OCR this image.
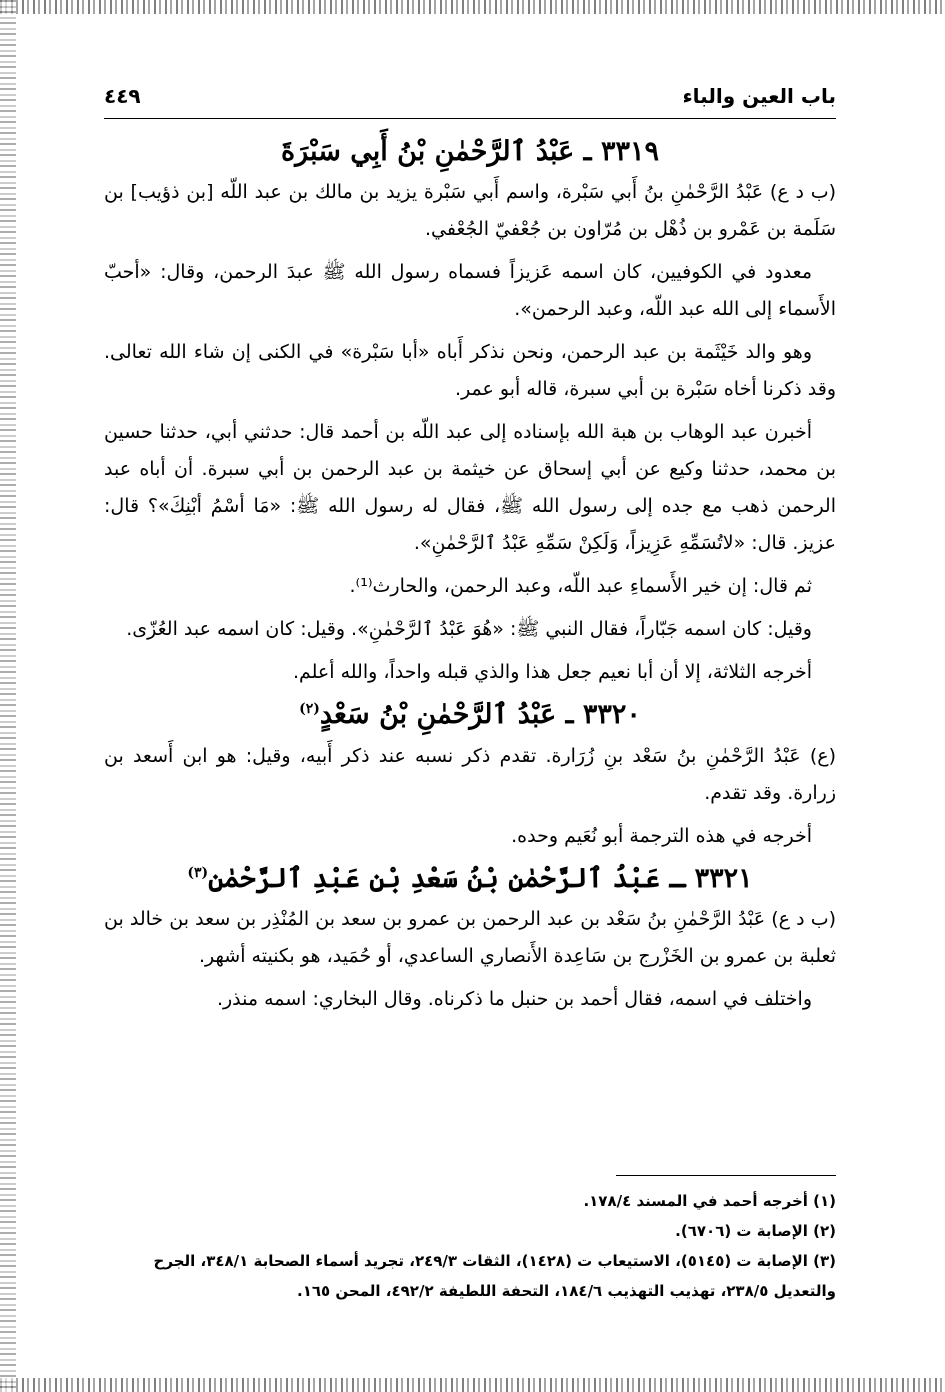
باب العين والباء

٤٤٩

٣٣١٩ ـ عَبْدُ ٱلرَّحْمٰنِ بْنُ أَبِي سَبْرَةَ

(ب د ع) عَبْدُ الرَّحْمٰنِ بنُ أَبي سَبْرة، واسم أَبي سَبْرة يزيد بن مالك بن عبد اللّه [بن ذؤيب] بن سَلَمة بن عَمْرو بن ذُهْل بن مُرّاون بن جُعْفيّ الجُعْفي.

معدود في الكوفيين، كان اسمه عَزيزاً فسماه رسول الله ﷺ عبدَ الرحمن، وقال: «أحبّ الأَسماء إلى الله عبد اللّه، وعبد الرحمن».

وهو والد خَيْثَمة بن عبد الرحمن، ونحن نذكر أَباه «أبا سَبْرة» في الكنى إن شاء الله تعالى. وقد ذكرنا أخاه سَبْرة بن أبي سبرة، قاله أبو عمر.

أخبرن عبد الوهاب بن هبة الله بإسناده إلى عبد اللّه بن أحمد قال: حدثني أبي، حدثنا حسين بن محمد، حدثنا وكيع عن أبي إسحاق عن خيثمة بن عبد الرحمن بن أبي سبرة. أن أباه عبد الرحمن ذهب مع جده إلى رسول الله ﷺ، فقال له رسول الله ﷺ: «مَا أسْمُ أبْنِكَ»؟ قال: عزيز. قال: «لاتُسَمِّهِ عَزِيزاً، وَلَكِنْ سَمِّهِ عَبْدُ ٱلرَّحْمٰنِ».

ثم قال: إن خير الأَسماءِ عبد اللّه، وعبد الرحمن، والحارث⁽¹⁾.

وقيل: كان اسمه جَبّاراً، فقال النبي ﷺ: «هُوَ عَبْدُ ٱلرَّحْمٰنِ». وقيل: كان اسمه عبد العُزّى.

أخرجه الثلاثة، إلا أن أبا نعيم جعل هذا والذي قبله واحداً، والله أعلم.

٣٣٢٠ ـ عَبْدُ ٱلرَّحْمٰنِ بْنُ سَعْدٍ$^{(٢)}$

(ع) عَبْدُ الرَّحْمٰنِ بنُ سَعْد بنِ زُرَارة. تقدم ذكر نسبه عند ذكر أَبيه، وقيل: هو ابن أَسعد بن زرارة. وقد تقدم.

أخرجه في هذه الترجمة أبو نُعَيم وحده.

٣٣٢١ ـ عَبْدُ ٱلرَّحْمٰنِ بْنُ سَعْدِ بْنِ عَبْدِ ٱلرَّحْمٰنِ$^{(٣)}$

(ب د ع) عَبْدُ الرَّحْمٰنِ بنُ سَعْد بن عبد الرحمن بن عمرو بن سعد بن المُنْذِر بن سعد بن خالد بن ثعلبة بن عمرو بن الخَزْرج بن سَاعِدة الأَنصاري الساعدي، أو حُمَيد، هو بكنيته أشهر.

واختلف في اسمه، فقال أحمد بن حنبل ما ذكرناه. وقال البخاري: اسمه منذر.

(١) أخرجه أحمد في المسند ١٧٨/٤.

(٢) الإصابة ت (٦٧٠٦).

(٣) الإصابة ت (٥١٤٥)، الاستيعاب ت (١٤٢٨)، الثقات ٢٤٩/٣، تجريد أسماء الصحابة ٣٤٨/١، الجرح والتعديل ٢٣٨/٥، تهذيب التهذيب ١٨٤/٦، التحفة اللطيفة ٤٩٢/٢، المحن ١٦٥.
